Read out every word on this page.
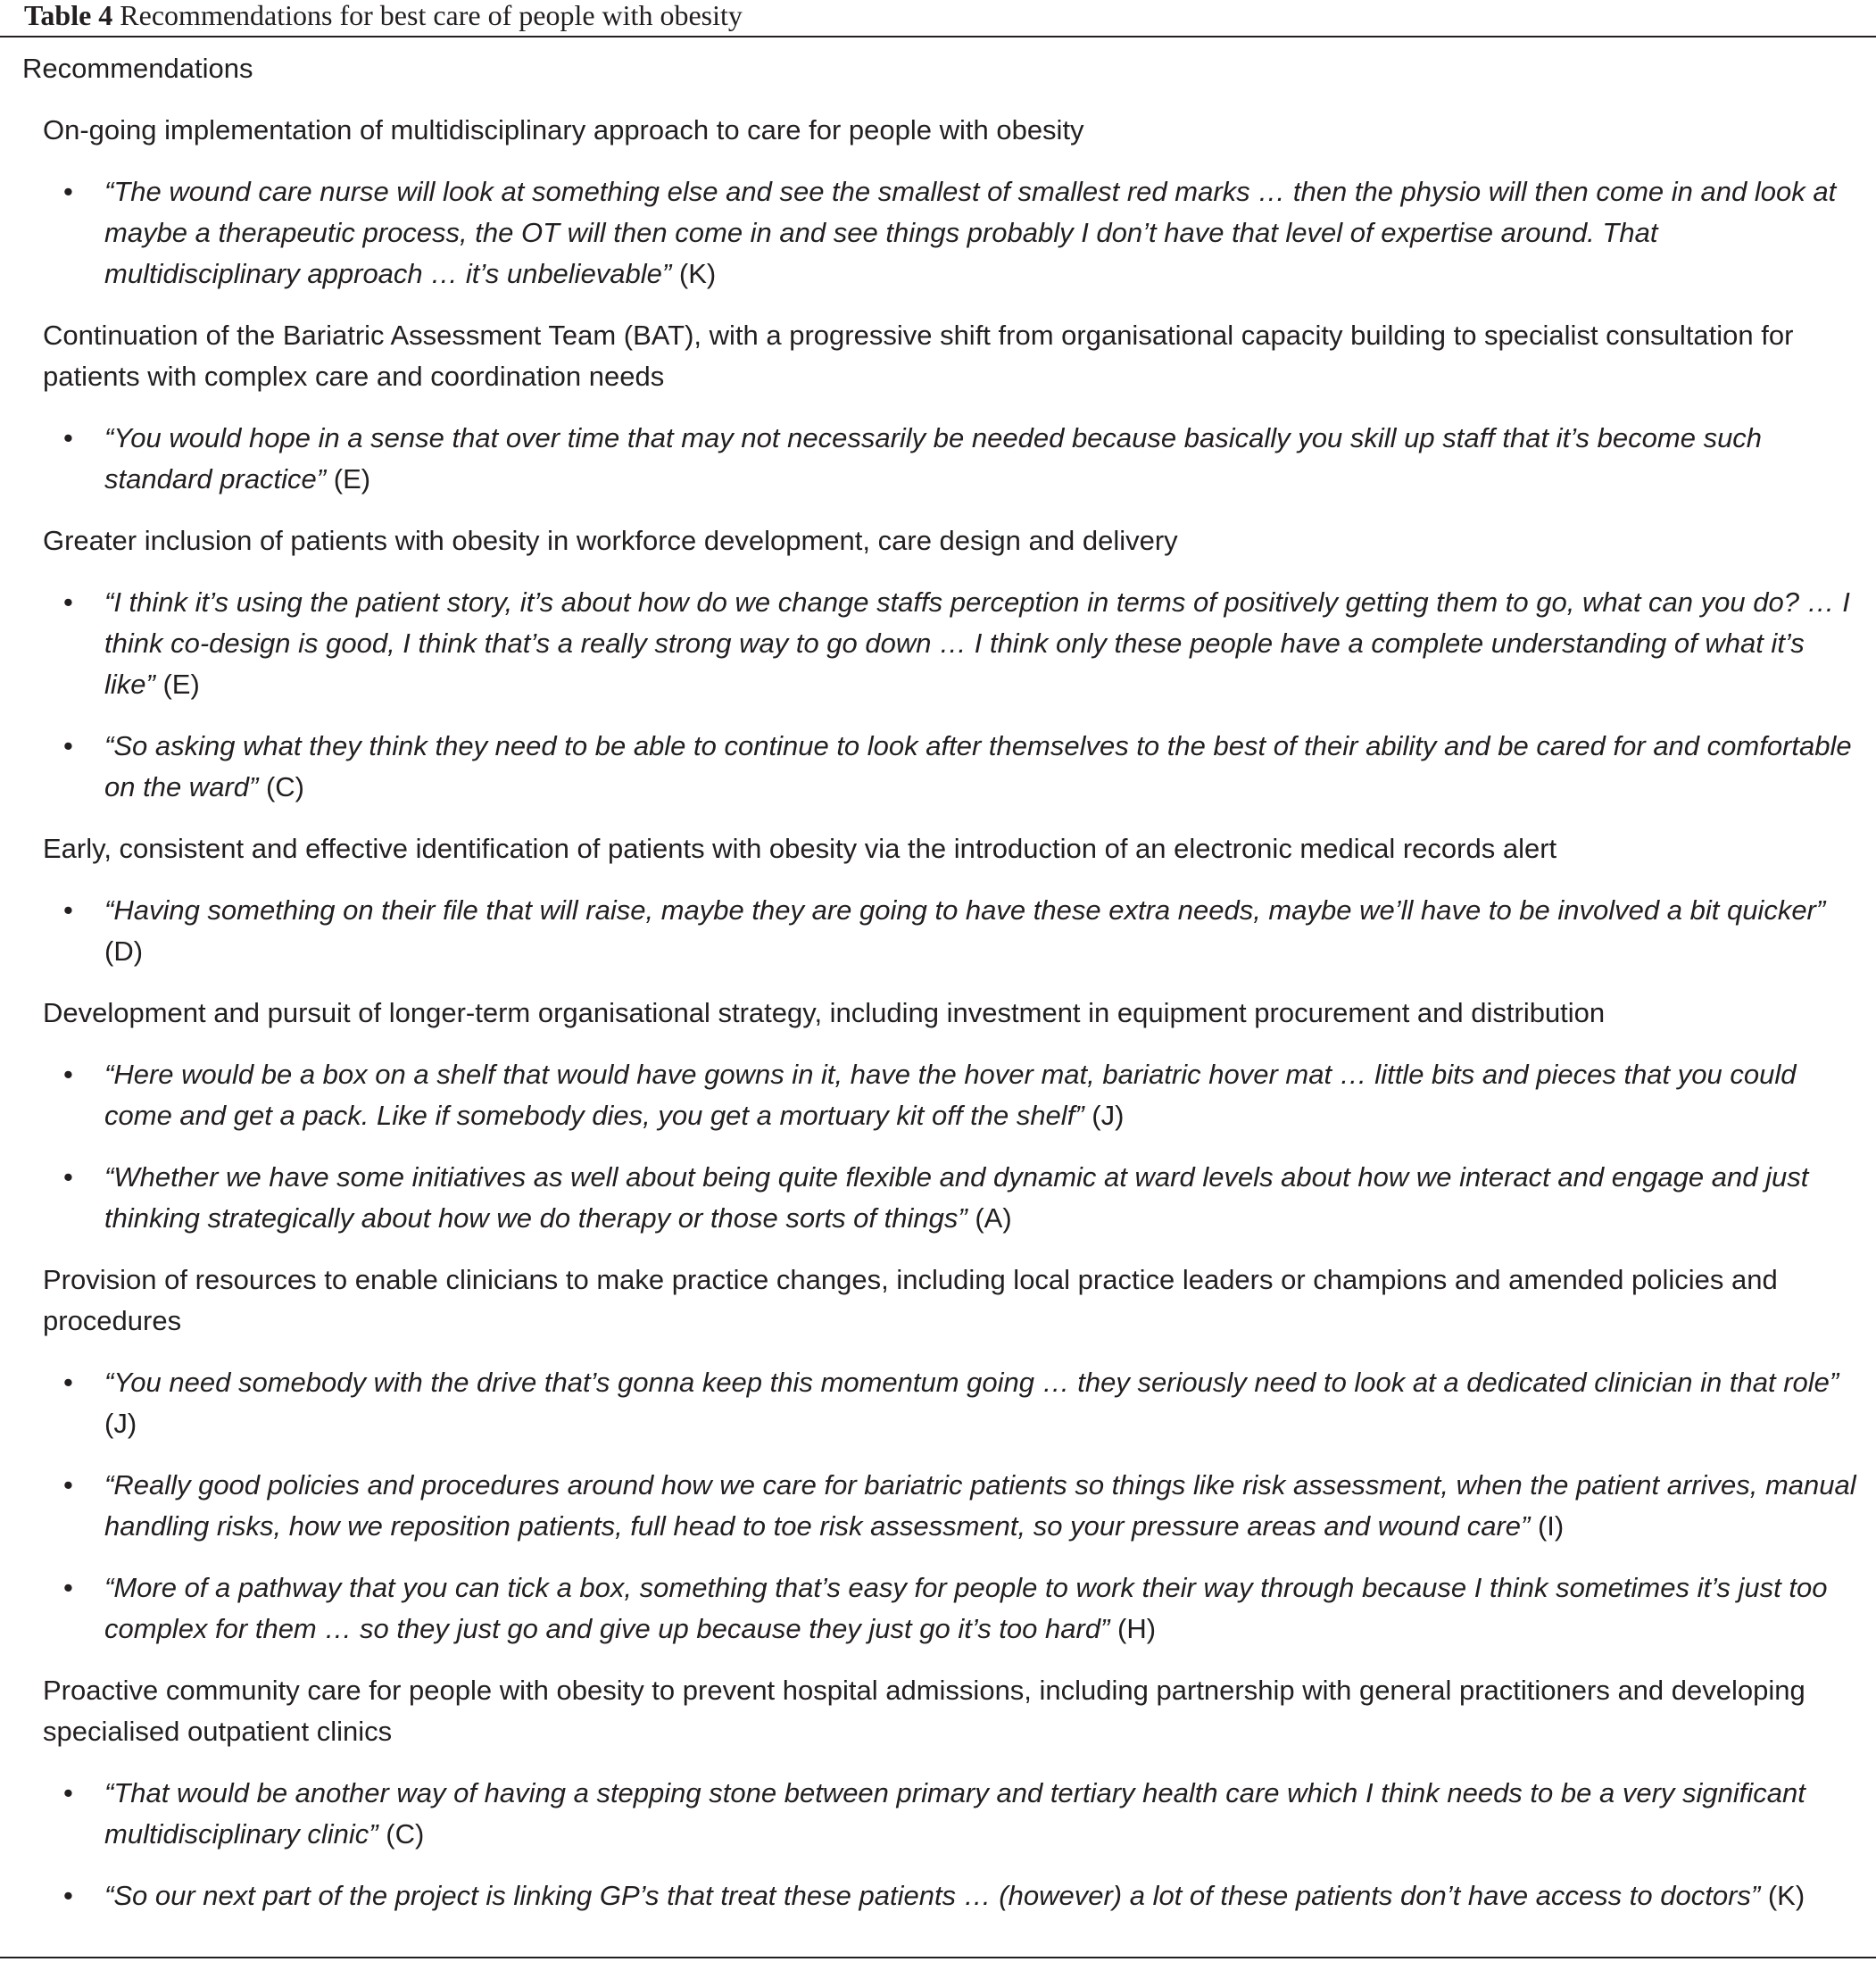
Table 4 Recommendations for best care of people with obesity
Recommendations
On-going implementation of multidisciplinary approach to care for people with obesity
• “The wound care nurse will look at something else and see the smallest of smallest red marks … then the physio will then come in and look at maybe a therapeutic process, the OT will then come in and see things probably I don’t have that level of expertise around. That multidisciplinary approach … it’s unbelievable” (K)
Continuation of the Bariatric Assessment Team (BAT), with a progressive shift from organisational capacity building to specialist consultation for patients with complex care and coordination needs
• “You would hope in a sense that over time that may not necessarily be needed because basically you skill up staff that it’s become such standard practice” (E)
Greater inclusion of patients with obesity in workforce development, care design and delivery
• “I think it’s using the patient story, it’s about how do we change staffs perception in terms of positively getting them to go, what can you do? … I think co-design is good, I think that’s a really strong way to go down … I think only these people have a complete understanding of what it’s like” (E)
• “So asking what they think they need to be able to continue to look after themselves to the best of their ability and be cared for and comfortable on the ward” (C)
Early, consistent and effective identification of patients with obesity via the introduction of an electronic medical records alert
• “Having something on their file that will raise, maybe they are going to have these extra needs, maybe we’ll have to be involved a bit quicker” (D)
Development and pursuit of longer-term organisational strategy, including investment in equipment procurement and distribution
• “Here would be a box on a shelf that would have gowns in it, have the hover mat, bariatric hover mat … little bits and pieces that you could come and get a pack. Like if somebody dies, you get a mortuary kit off the shelf” (J)
• “Whether we have some initiatives as well about being quite flexible and dynamic at ward levels about how we interact and engage and just thinking strategically about how we do therapy or those sorts of things” (A)
Provision of resources to enable clinicians to make practice changes, including local practice leaders or champions and amended policies and procedures
• “You need somebody with the drive that’s gonna keep this momentum going … they seriously need to look at a dedicated clinician in that role” (J)
• “Really good policies and procedures around how we care for bariatric patients so things like risk assessment, when the patient arrives, manual handling risks, how we reposition patients, full head to toe risk assessment, so your pressure areas and wound care” (I)
• “More of a pathway that you can tick a box, something that’s easy for people to work their way through because I think sometimes it’s just too complex for them … so they just go and give up because they just go it’s too hard” (H)
Proactive community care for people with obesity to prevent hospital admissions, including partnership with general practitioners and developing specialised outpatient clinics
• “That would be another way of having a stepping stone between primary and tertiary health care which I think needs to be a very significant multidisciplinary clinic” (C)
• “So our next part of the project is linking GP’s that treat these patients … (however) a lot of these patients don’t have access to doctors” (K)
